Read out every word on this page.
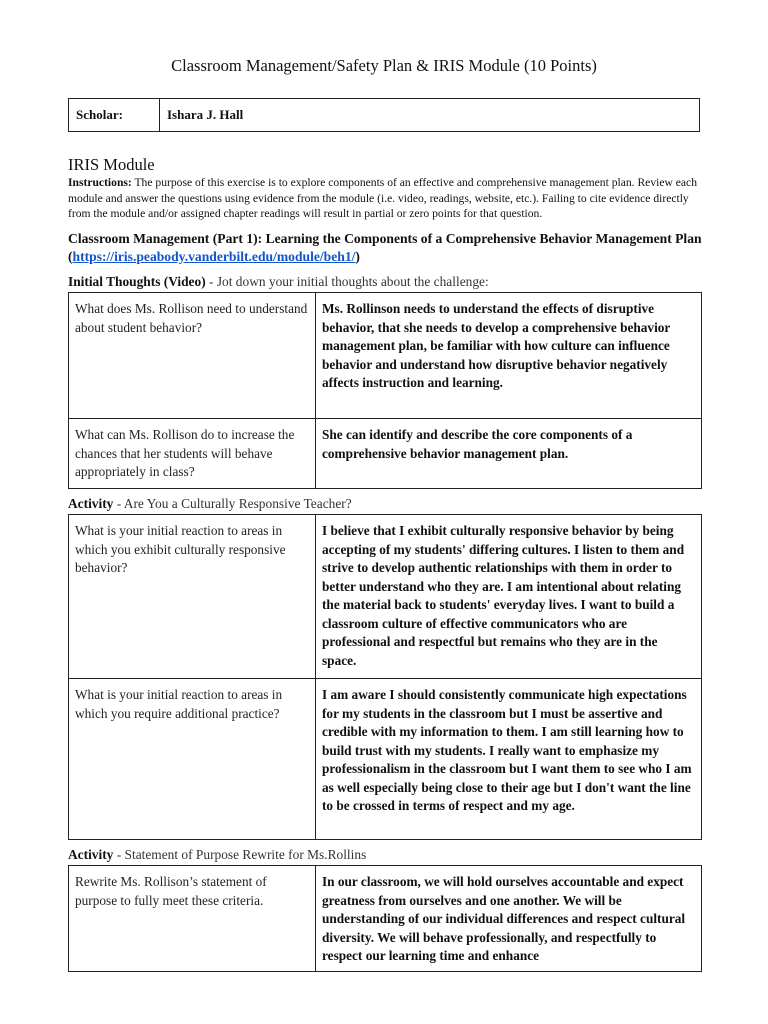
Classroom Management/Safety Plan & IRIS Module (10 Points)
Scholar:	Ishara J. Hall
IRIS Module
Instructions: The purpose of this exercise is to explore components of an effective and comprehensive management plan. Review each module and answer the questions using evidence from the module (i.e. video, readings, website, etc.). Failing to cite evidence directly from the module and/or assigned chapter readings will result in partial or zero points for that question.
Classroom Management (Part 1): Learning the Components of a Comprehensive Behavior Management Plan (https://iris.peabody.vanderbilt.edu/module/beh1/)
Initial Thoughts (Video) - Jot down your initial thoughts about the challenge:
What does Ms. Rollison need to understand about student behavior?	Ms. Rollinson needs to understand the effects of disruptive behavior, that she needs to develop a comprehensive behavior management plan, be familiar with how culture can influence behavior and understand how disruptive behavior negatively affects instruction and learning.
What can Ms. Rollison do to increase the chances that her students will behave appropriately in class?	She can identify and describe the core components of a comprehensive behavior management plan.
Activity - Are You a Culturally Responsive Teacher?
What is your initial reaction to areas in which you exhibit culturally responsive behavior?	I believe that I exhibit culturally responsive behavior by being accepting of my students' differing cultures. I listen to them and strive to develop authentic relationships with them in order to better understand who they are. I am intentional about relating the material back to students' everyday lives. I want to build a classroom culture of effective communicators who are professional and respectful but remains who they are in the space.
What is your initial reaction to areas in which you require additional practice?	I am aware I should consistently communicate high expectations for my students in the classroom but I must be assertive and credible with my information to them. I am still learning how to build trust with my students. I really want to emphasize my professionalism in the classroom but I want them to see who I am as well especially being close to their age but I don't want the line to be crossed in terms of respect and my age.
Activity - Statement of Purpose Rewrite for Ms.Rollins
Rewrite Ms. Rollison’s statement of purpose to fully meet these criteria.	In our classroom, we will hold ourselves accountable and expect greatness from ourselves and one another. We will be understanding of our individual differences and respect cultural diversity. We will behave professionally, and respectfully to respect our learning time and enhance
